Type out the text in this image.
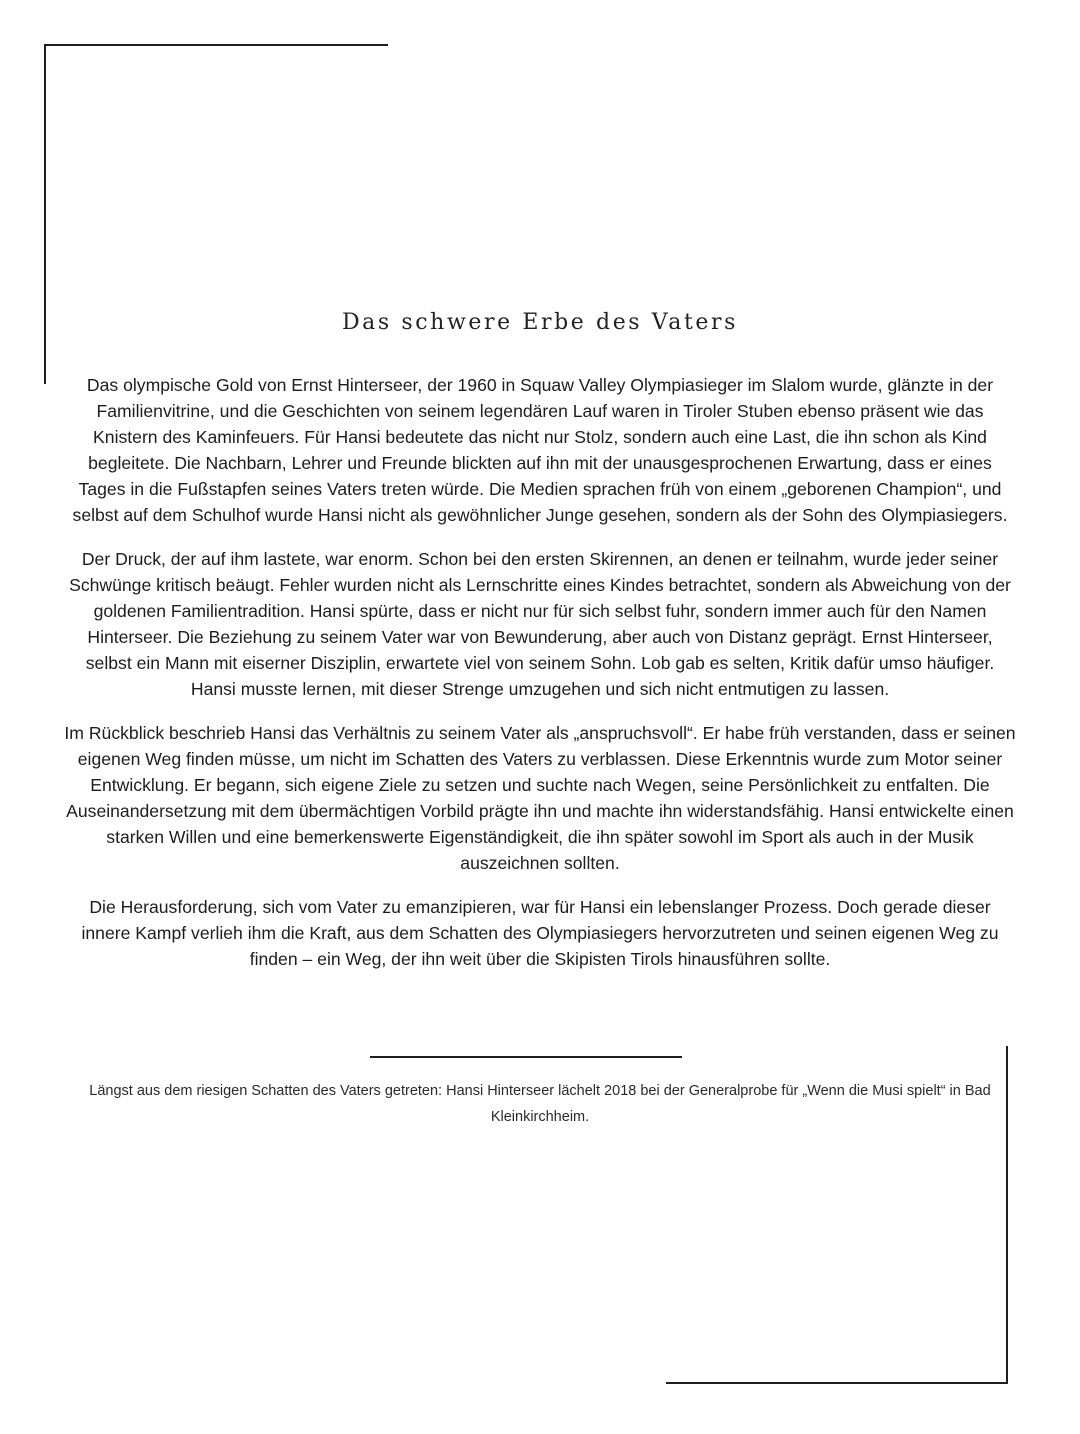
Das schwere Erbe des Vaters

Das olympische Gold von Ernst Hinterseer, der 1960 in Squaw Valley Olympiasieger im Slalom wurde, glänzte in der Familienvitrine, und die Geschichten von seinem legendären Lauf waren in Tiroler Stuben ebenso präsent wie das Knistern des Kaminfeuers. Für Hansi bedeutete das nicht nur Stolz, sondern auch eine Last, die ihn schon als Kind begleitete. Die Nachbarn, Lehrer und Freunde blickten auf ihn mit der unausgesprochenen Erwartung, dass er eines Tages in die Fußstapfen seines Vaters treten würde. Die Medien sprachen früh von einem „geborenen Champion“, und selbst auf dem Schulhof wurde Hansi nicht als gewöhnlicher Junge gesehen, sondern als der Sohn des Olympiasiegers.

Der Druck, der auf ihm lastete, war enorm. Schon bei den ersten Skirennen, an denen er teilnahm, wurde jeder seiner Schwünge kritisch beäugt. Fehler wurden nicht als Lernschritte eines Kindes betrachtet, sondern als Abweichung von der goldenen Familientradition. Hansi spürte, dass er nicht nur für sich selbst fuhr, sondern immer auch für den Namen Hinterseer. Die Beziehung zu seinem Vater war von Bewunderung, aber auch von Distanz geprägt. Ernst Hinterseer, selbst ein Mann mit eiserner Disziplin, erwartete viel von seinem Sohn. Lob gab es selten, Kritik dafür umso häufiger. Hansi musste lernen, mit dieser Strenge umzugehen und sich nicht entmutigen zu lassen.

Im Rückblick beschrieb Hansi das Verhältnis zu seinem Vater als „anspruchsvoll“. Er habe früh verstanden, dass er seinen eigenen Weg finden müsse, um nicht im Schatten des Vaters zu verblassen. Diese Erkenntnis wurde zum Motor seiner Entwicklung. Er begann, sich eigene Ziele zu setzen und suchte nach Wegen, seine Persönlichkeit zu entfalten. Die Auseinandersetzung mit dem übermächtigen Vorbild prägte ihn und machte ihn widerstandsfähig. Hansi entwickelte einen starken Willen und eine bemerkenswerte Eigenständigkeit, die ihn später sowohl im Sport als auch in der Musik auszeichnen sollten.

Die Herausforderung, sich vom Vater zu emanzipieren, war für Hansi ein lebenslanger Prozess. Doch gerade dieser innere Kampf verlieh ihm die Kraft, aus dem Schatten des Olympiasiegers hervorzutreten und seinen eigenen Weg zu finden – ein Weg, der ihn weit über die Skipisten Tirols hinausführen sollte.

Längst aus dem riesigen Schatten des Vaters getreten: Hansi Hinterseer lächelt 2018 bei der Generalprobe für „Wenn die Musi spielt“ in Bad Kleinkirchheim.
